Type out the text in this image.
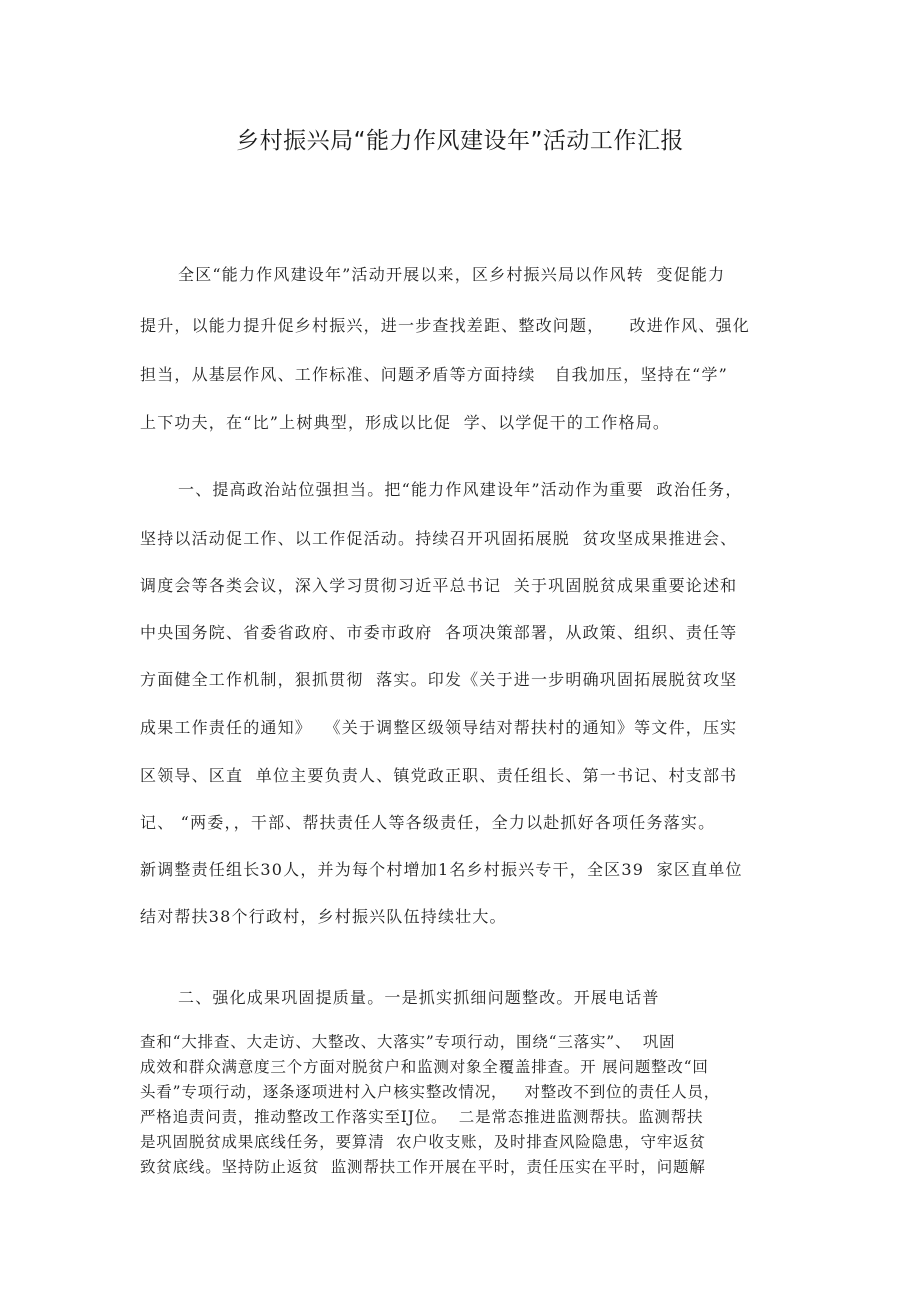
乡村振兴局“能力作风建设年”活动工作汇报
全区“能力作风建设年”活动开展以来，区乡村振兴局以作风转  变促能力
提升，以能力提升促乡村振兴，进一步查找差距、整改问题，    改进作风、强化
担当，从基层作风、工作标准、问题矛盾等方面持续   自我加压，坚持在“学”
上下功夫，在“比”上树典型，形成以比促  学、以学促干的工作格局。
一、提高政治站位强担当。把“能力作风建设年”活动作为重要  政治任务，
坚持以活动促工作、以工作促活动。持续召开巩固拓展脱  贫攻坚成果推进会、
调度会等各类会议，深入学习贯彻习近平总书记  关于巩固脱贫成果重要论述和
中央国务院、省委省政府、市委市政府  各项决策部署，从政策、组织、责任等
方面健全工作机制，狠抓贯彻  落实。印发《关于进一步明确巩固拓展脱贫攻坚
成果工作责任的通知》  《关于调整区级领导结对帮扶村的通知》等文件，压实
区领导、区直  单位主要负责人、镇党政正职、责任组长、第一书记、村支部书
记、 “两委，，干部、帮扶责任人等各级责任，全力以赴抓好各项任务落实。
新调整责任组长30人，并为每个村增加1名乡村振兴专干，全区39  家区直单位
结对帮扶38个行政村，乡村振兴队伍持续壮大。
二、强化成果巩固提质量。一是抓实抓细问题整改。开展电话普
查和“大排查、大走访、大整改、大落实”专项行动，围绕“三落实”、  巩固
成效和群众满意度三个方面对脱贫户和监测对象全覆盖排查。开 展问题整改“回
头看”专项行动，逐条逐项进村入户核实整改情况，   对整改不到位的责任人员，
严格追责问责，推动整改工作落实至IJ位。  二是常态推进监测帮扶。监测帮扶
是巩固脱贫成果底线任务，要算清  农户收支账，及时排查风险隐患，守牢返贫
致贫底线。坚持防止返贫  监测帮扶工作开展在平时，责任压实在平时，问题解
